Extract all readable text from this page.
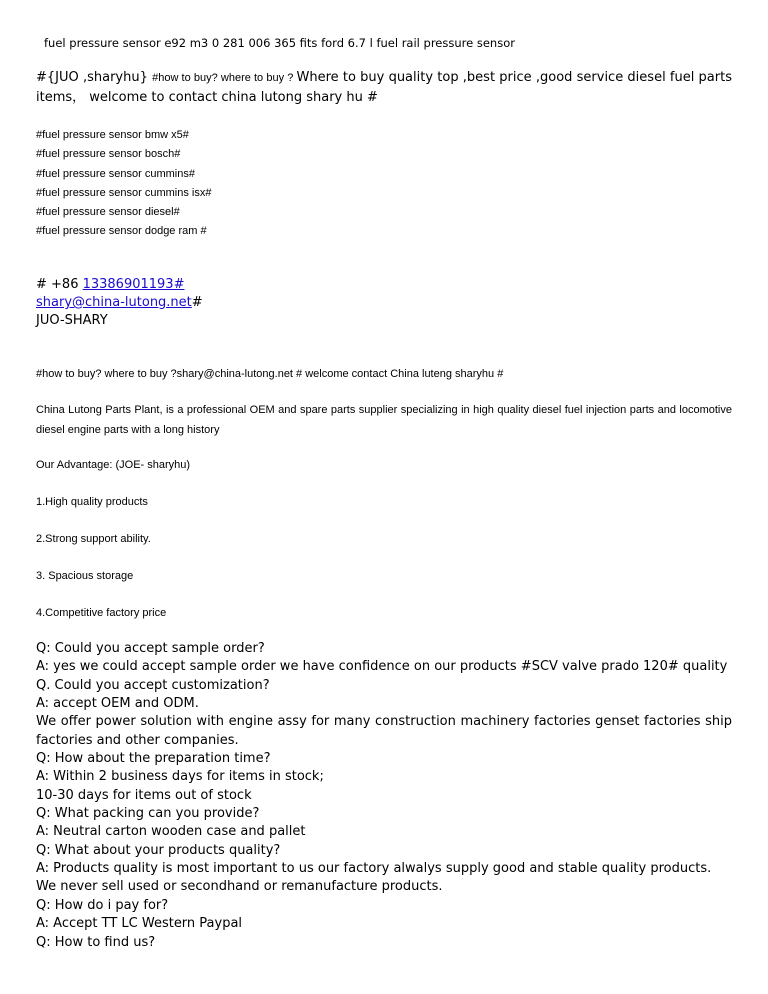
fuel pressure sensor e92 m3 0 281 006 365 fits ford 6.7 l fuel rail pressure sensor
#{JUO ,sharyhu} #how to buy? where to buy ? Where to buy quality top ,best price ,good service diesel fuel parts items， welcome to contact china lutong shary hu #
#fuel pressure sensor bmw x5#
#fuel pressure sensor bosch#
#fuel pressure sensor cummins#
#fuel pressure sensor cummins isx#
#fuel pressure sensor diesel#
#fuel pressure sensor dodge ram #
# +86 13386901193#
shary@china-lutong.net#
JUO-SHARY
#how to buy? where to buy ?shary@china-lutong.net # welcome contact China luteng sharyhu #
China Lutong Parts Plant, is a professional OEM and spare parts supplier specializing in high quality diesel fuel injection parts and locomotive diesel engine parts with a long history
Our Advantage: (JOE- sharyhu)
1.High quality products
2.Strong support ability.
3. Spacious storage
4.Competitive factory price
Q: Could you accept sample order?
A: yes we could accept sample order we have confidence on our products #SCV valve prado 120# quality
Q. Could you accept customization?
A: accept OEM and ODM.
We offer power solution with engine assy for many construction machinery factories genset factories ship factories and other companies.
Q: How about the preparation time?
A: Within 2 business days for items in stock;
10-30 days for items out of stock
Q: What packing can you provide?
A: Neutral carton wooden case and pallet
Q: What about your products quality?
A: Products quality is most important to us our factory alwalys supply good and stable quality products.
We never sell used or secondhand or remanufacture products.
Q: How do i pay for?
A: Accept TT LC Western Paypal
Q: How to find us?
